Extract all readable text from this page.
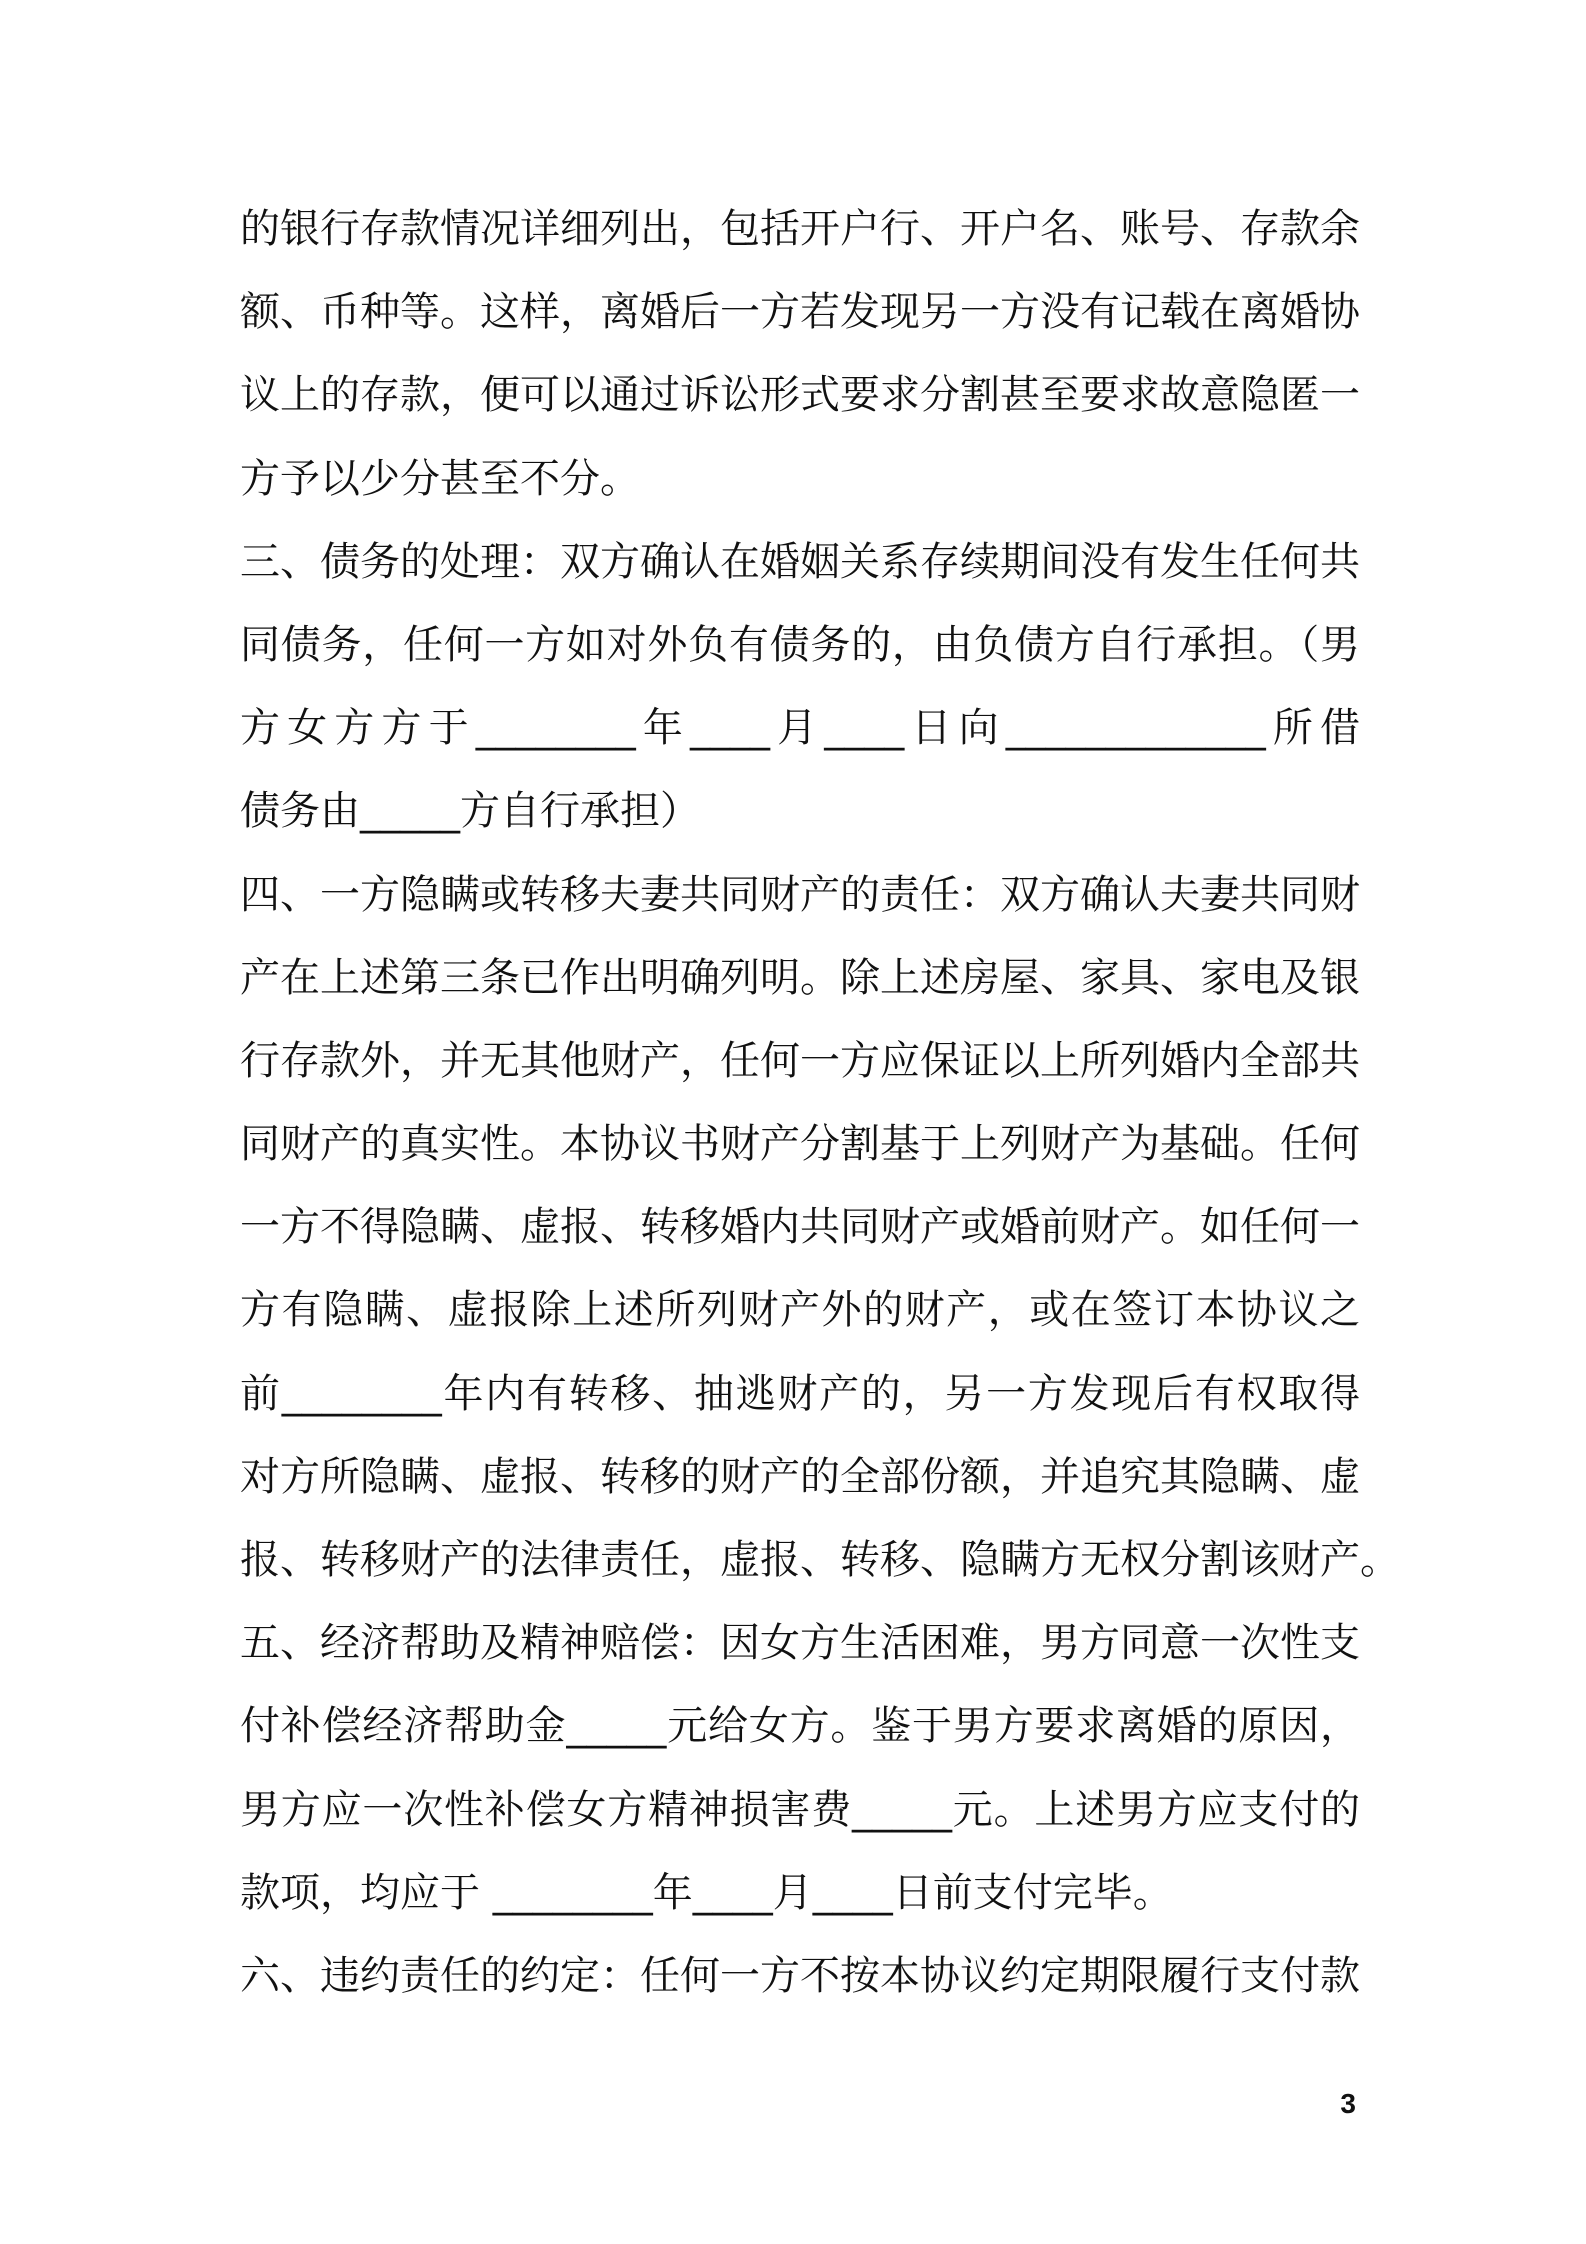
的银行存款情况详细列出，包括开户行、开户名、账号、存款余
额、币种等。这样，离婚后一方若发现另一方没有记载在离婚协
议上的存款，便可以通过诉讼形式要求分割甚至要求故意隐匿一
方予以少分甚至不分。
三、债务的处理：双方确认在婚姻关系存续期间没有发生任何共
同债务，任何一方如对外负有债务的，由负债方自行承担。（男
方女方方于________年____月____日向_____________所借
债务由_____方自行承担）
四、一方隐瞒或转移夫妻共同财产的责任：双方确认夫妻共同财
产在上述第三条已作出明确列明。除上述房屋、家具、家电及银
行存款外，并无其他财产，任何一方应保证以上所列婚内全部共
同财产的真实性。本协议书财产分割基于上列财产为基础。任何
一方不得隐瞒、虚报、转移婚内共同财产或婚前财产。如任何一
方有隐瞒、虚报除上述所列财产外的财产，或在签订本协议之
前________年内有转移、抽逃财产的，另一方发现后有权取得
对方所隐瞒、虚报、转移的财产的全部份额，并追究其隐瞒、虚
报、转移财产的法律责任，虚报、转移、隐瞒方无权分割该财产。
五、经济帮助及精神赔偿：因女方生活困难，男方同意一次性支
付补偿经济帮助金_____元给女方。鉴于男方要求离婚的原因，
男方应一次性补偿女方精神损害费_____元。上述男方应支付的
款项，均应于 ________年____月____日前支付完毕。
六、违约责任的约定：任何一方不按本协议约定期限履行支付款
3
